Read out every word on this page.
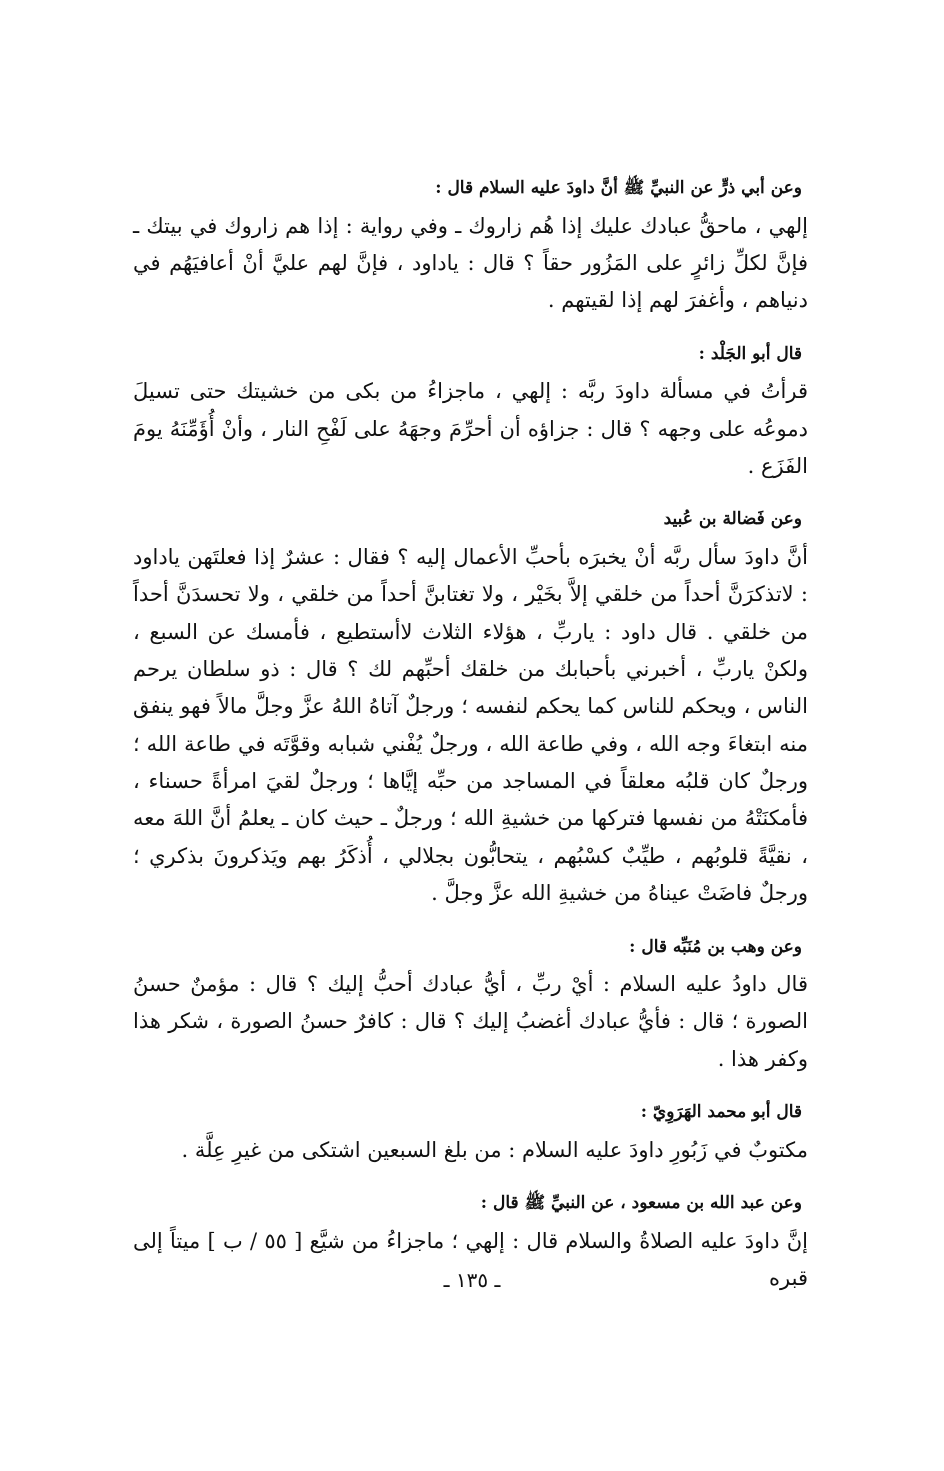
وعن أبي ذرٍّ عن النبيِّ ﷺ أنَّ داودَ عليه السلام قال :

إلهي ، ماحقُّ عبادك عليك إذا هُم زاروك ـ وفي رواية : إذا هم زاروك في بيتك ـ فإنَّ لكلِّ زائرٍ على المَزُور حقاً ؟ قال : ياداود ، فإنَّ لهم عليَّ أنْ أعافيَهُم في دنياهم ، وأغفرَ لهم إذا لقيتهم .

قال أبو الجَلْد :

قرأتُ في مسألة داودَ ربَّه : إلهي ، ماجزاءُ من بكى من خشيتك حتى تسيلَ دموعُه على وجهه ؟ قال : جزاؤه أن أحرِّمَ وجهَهُ على لَفْحِ النار ، وأنْ أُؤَمِّنَهُ يومَ الفَزَع .

وعن فَضالة بن عُبيد

أنَّ داودَ سأل ربَّه أنْ يخبرَه بأحبِّ الأعمال إليه ؟ فقال : عشرٌ إذا فعلتَهن ياداود : لاتذكرَنَّ أحداً من خلقي إلاَّ بخَيْر ، ولا تغتابنَّ أحداً من خلقي ، ولا تحسدَنَّ أحداً من خلقي . قال داود : ياربِّ ، هؤلاء الثلاث لاأستطيع ، فأمسك عن السبع ، ولكنْ ياربِّ ، أخبرني بأحبابك من خلقك أحبِّهم لك ؟ قال : ذو سلطان يرحم الناس ، ويحكم للناس كما يحكم لنفسه ؛ ورجلٌ آتاهُ اللهُ عزَّ وجلَّ مالاً فهو ينفق منه ابتغاءَ وجه الله ، وفي طاعة الله ، ورجلٌ يُفْني شبابه وقوَّتَه في طاعة الله ؛ ورجلٌ كان قلبُه معلقاً في المساجد من حبِّه إيَّاها ؛ ورجلٌ لقيَ امرأةً حسناء ، فأمكنَتْهُ من نفسها فتركها من خشيةِ الله ؛ ورجلٌ ـ حيث كان ـ يعلمُ أنَّ اللهَ معه ، نقيَّةً قلوبُهم ، طيِّبٌ كسْبُهم ، يتحابُّون بجلالي ، أُذكَرُ بهم ويَذكرونَ بذكري ؛ ورجلٌ فاضَتْ عيناهُ من خشيةِ الله عزَّ وجلَّ .

وعن وهب بن مُنَبِّه قال :

قال داودُ عليه السلام : أيْ ربِّ ، أيُّ عبادك أحبُّ إليك ؟ قال : مؤمنٌ حسنُ الصورة ؛ قال : فأيُّ عبادك أغضبُ إليك ؟ قال : كافرٌ حسنُ الصورة ، شكر هذا وكفر هذا .

قال أبو محمد الهَرَوِيّ :

مكتوبٌ في زَبُورِ داودَ عليه السلام : من بلغ السبعين اشتكى من غيرِ عِلَّة .

وعن عبد الله بن مسعود ، عن النبيِّ ﷺ قال :

إنَّ داودَ عليه الصلاةُ والسلام قال : إلهي ؛ ماجزاءُ من شيَّع [ ٥٥ / ب ] ميتاً إلى قبره

ـ ١٣٥ ـ
